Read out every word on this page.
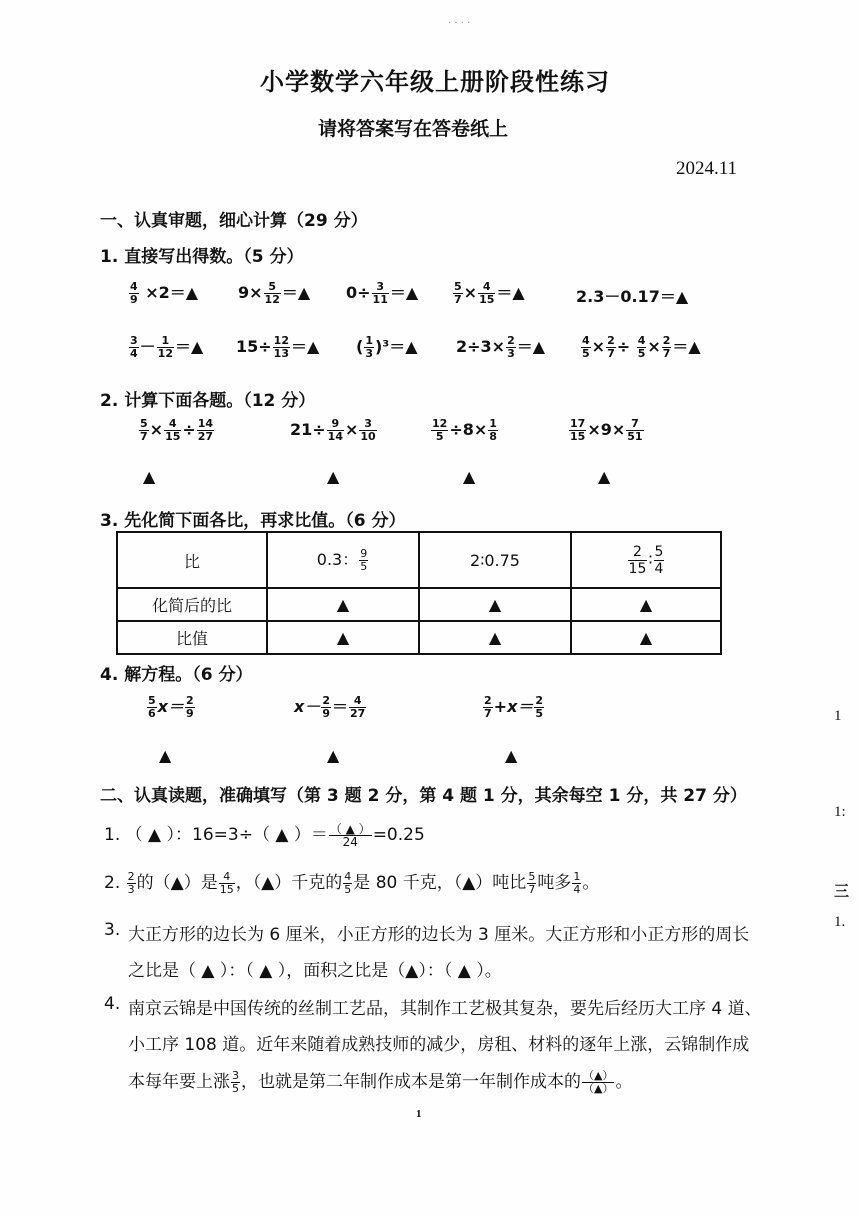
· · · ·
小学数学六年级上册阶段性练习
请将答案写在答卷纸上
2024.11
一、认真审题，细心计算（29 分）
1. 直接写出得数。（5 分）
$\frac{4}{9}$ ×2＝▲ $9\times \frac{5}{12}$ ＝▲ $0\div \frac{3}{11}$ ＝▲	$\frac{5}{7} \times \frac{4}{15}$ ＝▲	2.3－0.17＝▲
$\frac{3}{4} - \frac{1}{12}$ ＝▲ $15\div \frac{12}{13}$ ＝▲ ( $\frac{1}{3}$ )³＝▲ $2\div 3\times \frac{2}{3}$ ＝▲	$\frac{4}{5} \times \frac{2}{7} \div \frac{4}{5} \times \frac{2}{7}$ ＝▲
2. 计算下面各题。（12 分）
$\frac{5}{7} \times \frac{4}{15} \div \frac{14}{27}$	$21\div \frac{9}{14} \times \frac{3}{10}$	$\frac{12}{5} \div 8\times \frac{1}{8}$	$\frac{17}{15} \times 9\times \frac{7}{51}$
▲	▲	▲	▲
3. 先化简下面各比，再求比值。（6 分）
比	0.3： $\frac{9}{5}$	2∶0.75	$\frac{2}{15}$ ∶ $\frac{5}{4}$

化简后的比	▲	▲	▲
比值	▲	▲	▲
4. 解方程。（6 分）
$\frac{5}{6} x= \frac{2}{9}$	$x- \frac{2}{9} = \frac{4}{27}$	$\frac{2}{7} +x= \frac{2}{5}$
▲	▲	▲
二、认真读题，准确填写（第 3 题 2 分，第 4 题 1 分，其余每空 1 分，共 27 分）
1. （ ▲ ）：16=3÷（ ▲ ）＝ $\frac{( ▲ )}{24} =0.25$
2. $\frac{2}{3}$ 的（▲）是 $\frac{4}{15}$ ，（▲）千克的 $\frac{4}{5}$ 是 80 千克，（▲）吨比 $\frac{5}{7}$ 吨多 $\frac{1}{4}$ 。
3. 大正方形的边长为 6 厘米，小正方形的边长为 3 厘米。大正方形和小正方形的周长
之比是（ ▲ ）：（ ▲ ），面积之比是（▲）：（ ▲ ）。
4. 南京云锦是中国传统的丝制工艺品，其制作工艺极其复杂，要先后经历大工序 4 道、
小工序 108 道。近年来随着成熟技师的减少，房租、材料的逐年上涨，云锦制作成
本每年要上涨 $\frac{3}{5}$ ，也就是第二年制作成本是第一年制作成本的 $\frac{(▲)}{(▲)}$ 。
1
1
1:
三
1.
